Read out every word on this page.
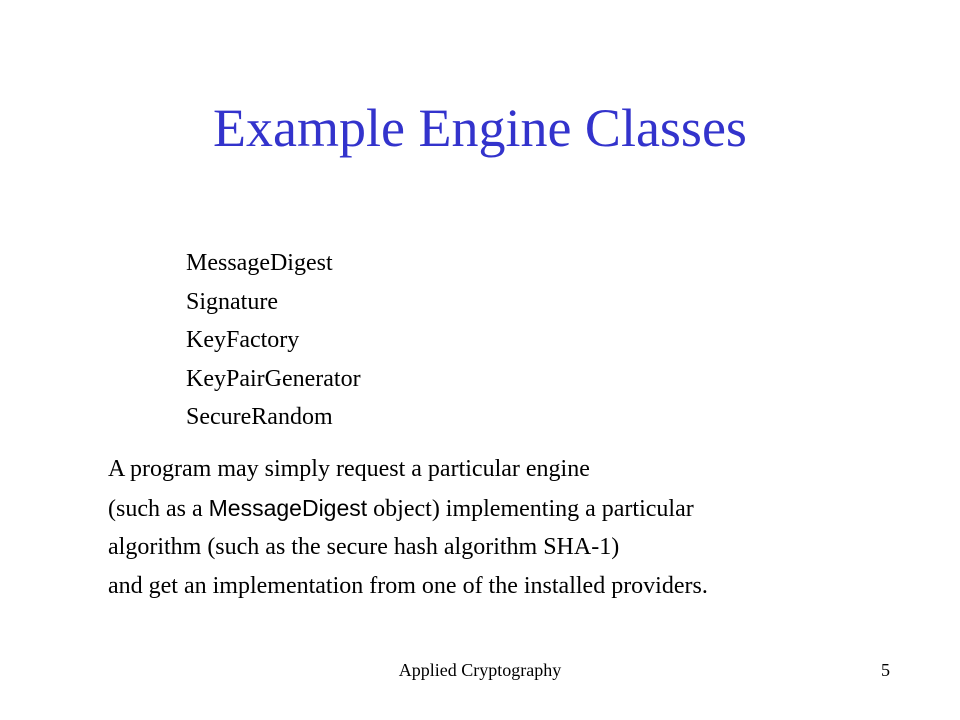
Example Engine Classes
MessageDigest
Signature
KeyFactory
KeyPairGenerator
SecureRandom
A program may simply request a particular engine
(such as a MessageDigest object) implementing a particular
algorithm (such as the secure hash algorithm SHA-1)
and get an implementation from one of the installed providers.
Applied Cryptography	5
